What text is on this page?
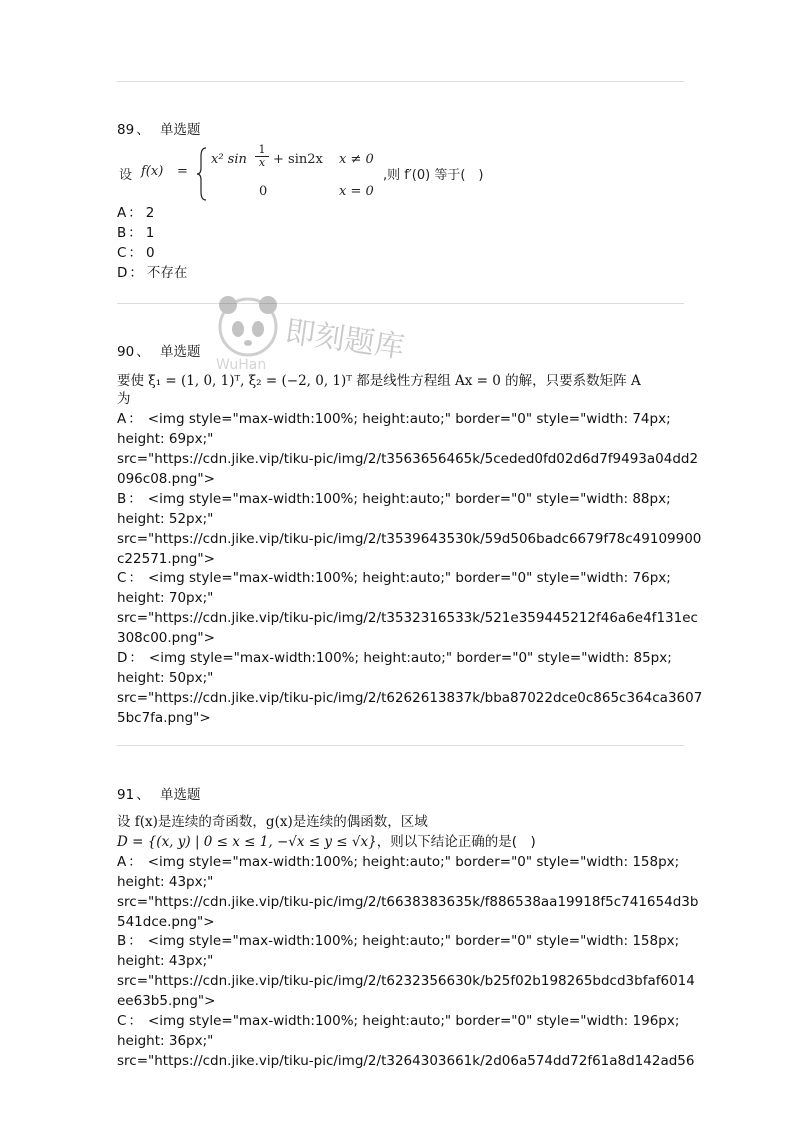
即刻题库
WuHan
89 、 单选题
设 f(x) =
x² $\sin \frac{1}{x} + \sin 2x$ x ≠ 0
0	x = 0
,则 f′(0) 等于(　)
A ： 2
B ： 1
C ： 0
D ： 不存在
90 、 单选题
要使 ξ₁ = (1, 0, 1)ᵀ, ξ₂ = (−2, 0, 1)ᵀ 都是线性方程组 Ax = 0 的解，只要系数矩阵 A
为
A ： <img style="max-width:100%; height:auto;" border="0" style="width: 74px;
height: 69px;"
src="https://cdn.jike.vip/tiku-pic/img/2/t3563656465k/5ceded0fd02d6d7f9493a04dd2
096c08.png">
B ： <img style="max-width:100%; height:auto;" border="0" style="width: 88px;
height: 52px;"
src="https://cdn.jike.vip/tiku-pic/img/2/t3539643530k/59d506badc6679f78c49109900
c22571.png">
C ： <img style="max-width:100%; height:auto;" border="0" style="width: 76px;
height: 70px;"
src="https://cdn.jike.vip/tiku-pic/img/2/t3532316533k/521e359445212f46a6e4f131ec
308c00.png">
D ： <img style="max-width:100%; height:auto;" border="0" style="width: 85px;
height: 50px;"
src="https://cdn.jike.vip/tiku-pic/img/2/t6262613837k/bba87022dce0c865c364ca3607
5bc7fa.png">
91 、 单选题
设 f(x)是连续的奇函数，g(x)是连续的偶函数，区域
D = {(x, y) | 0 ≤ x ≤ 1, −√x ≤ y ≤ √x}，则以下结论正确的是(　)
A ： <img style="max-width:100%; height:auto;" border="0" style="width: 158px;
height: 43px;"
src="https://cdn.jike.vip/tiku-pic/img/2/t6638383635k/f886538aa19918f5c741654d3b
541dce.png">
B ： <img style="max-width:100%; height:auto;" border="0" style="width: 158px;
height: 43px;"
src="https://cdn.jike.vip/tiku-pic/img/2/t6232356630k/b25f02b198265bdcd3bfaf6014
ee63b5.png">
C ： <img style="max-width:100%; height:auto;" border="0" style="width: 196px;
height: 36px;"
src="https://cdn.jike.vip/tiku-pic/img/2/t3264303661k/2d06a574dd72f61a8d142ad56
